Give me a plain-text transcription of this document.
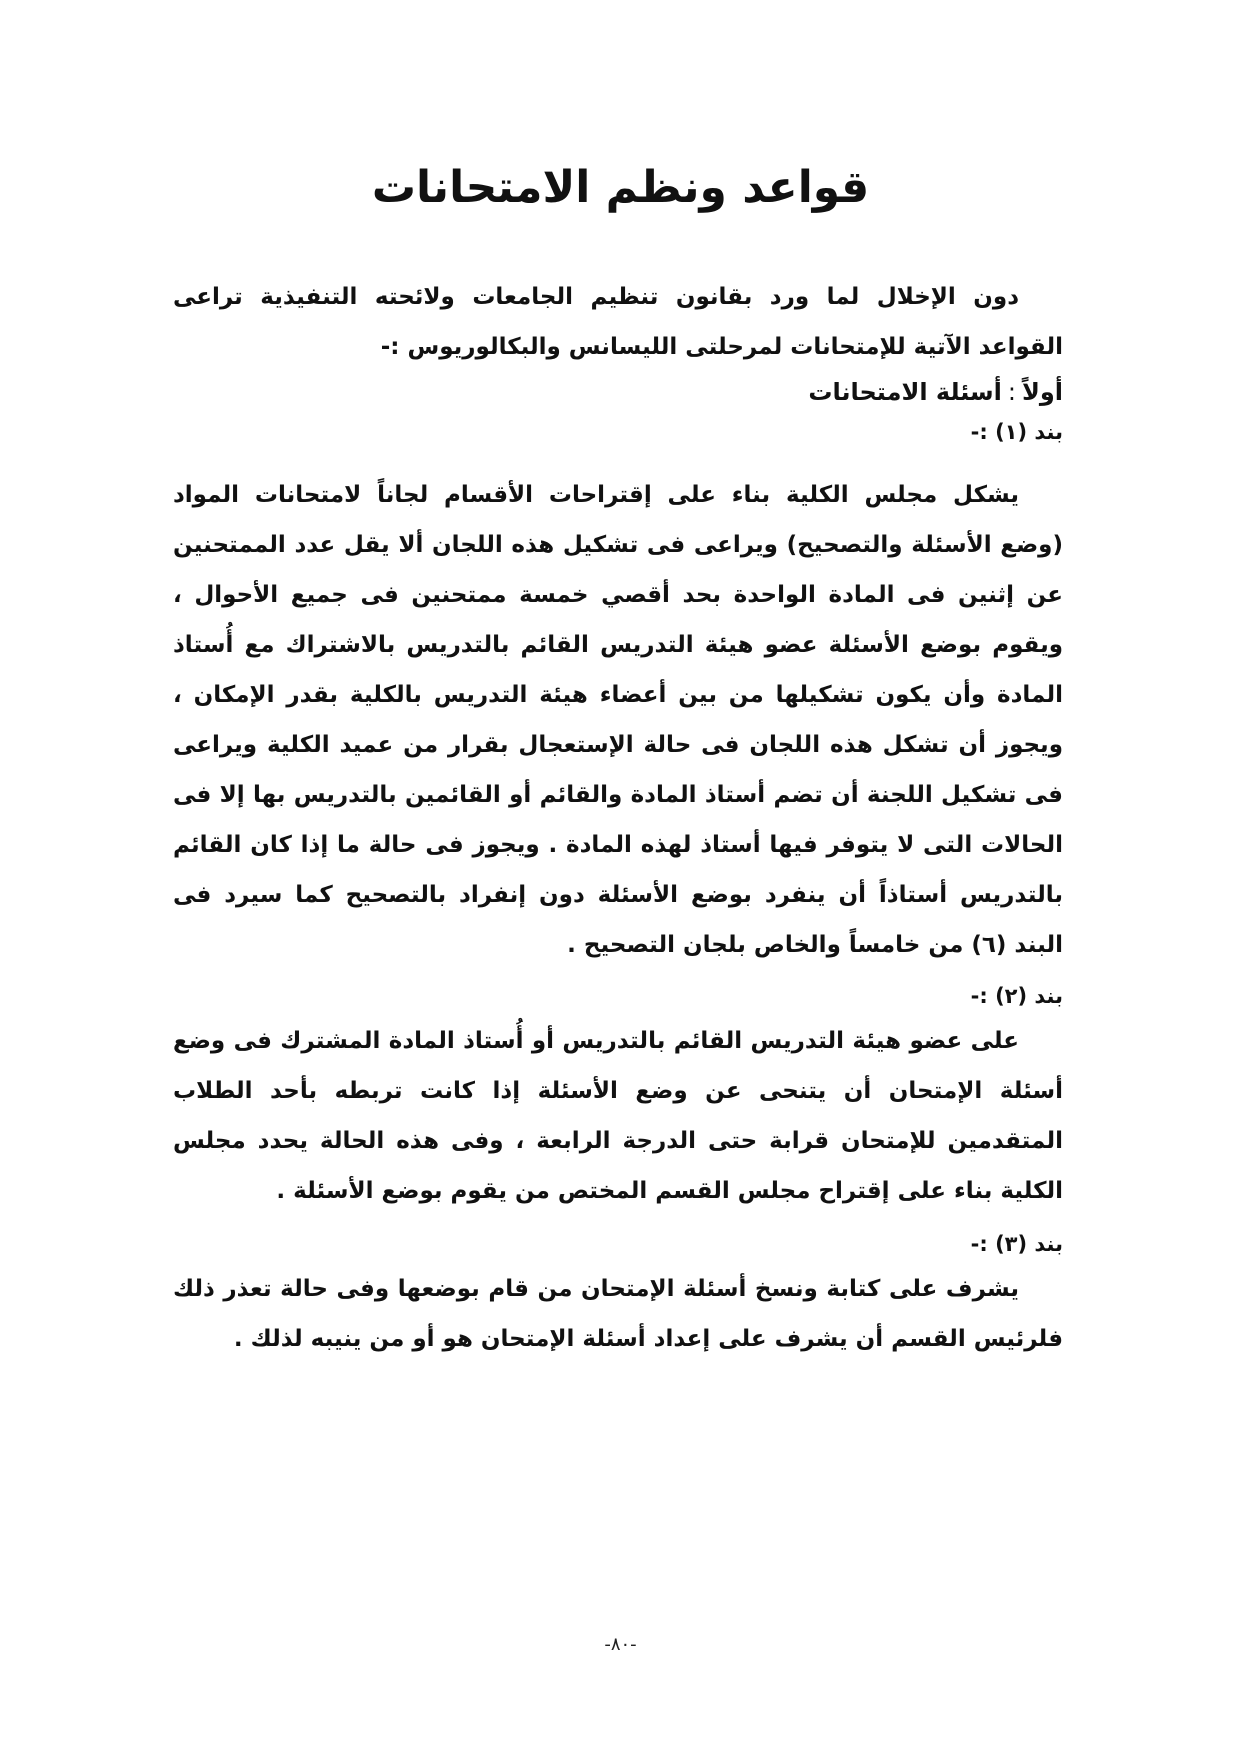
قواعد ونظم الامتحانات

دون الإخلال لما ورد بقانون تنظيم الجامعات ولائحته التنفيذية تراعى القواعد الآتية للإمتحانات لمرحلتى الليسانس والبكالوريوس :-

أولاً:أسئلة الامتحانات
بند (١) :-

يشكل مجلس الكلية بناء على إقتراحات الأقسام لجاناً لامتحانات المواد (وضع الأسئلة والتصحيح) ويراعى فى تشكيل هذه اللجان ألا يقل عدد الممتحنين عن إثنين فى المادة الواحدة بحد أقصي خمسة ممتحنين فى جميع الأحوال ، ويقوم بوضع الأسئلة عضو هيئة التدريس القائم بالتدريس بالاشتراك مع أُستاذ المادة وأن يكون تشكيلها من بين أعضاء هيئة التدريس بالكلية بقدر الإمكان ، ويجوز أن تشكل هذه اللجان فى حالة الإستعجال بقرار من عميد الكلية ويراعى فى تشكيل اللجنة أن تضم أستاذ المادة والقائم أو القائمين بالتدريس بها إلا فى الحالات التى لا يتوفر فيها أستاذ لهذه المادة . ويجوز فى حالة ما إذا كان القائم بالتدريس أستاذاً أن ينفرد بوضع الأسئلة دون إنفراد بالتصحيح كما سيرد فى البند (٦) من خامساً والخاص بلجان التصحيح .

بند (٢) :-

على عضو هيئة التدريس القائم بالتدريس أو أُستاذ المادة المشترك فى وضع أسئلة الإمتحان أن يتنحى عن وضع الأسئلة إذا كانت تربطه بأحد الطلاب المتقدمين للإمتحان قرابة حتى الدرجة الرابعة ، وفى هذه الحالة يحدد مجلس الكلية بناء على إقتراح مجلس القسم المختص من يقوم بوضع الأسئلة .

بند (٣) :-

يشرف على كتابة ونسخ أسئلة الإمتحان من قام بوضعها وفى حالة تعذر ذلك فلرئيس القسم أن يشرف على إعداد أسئلة الإمتحان هو أو من ينيبه لذلك .

-٨٠-
